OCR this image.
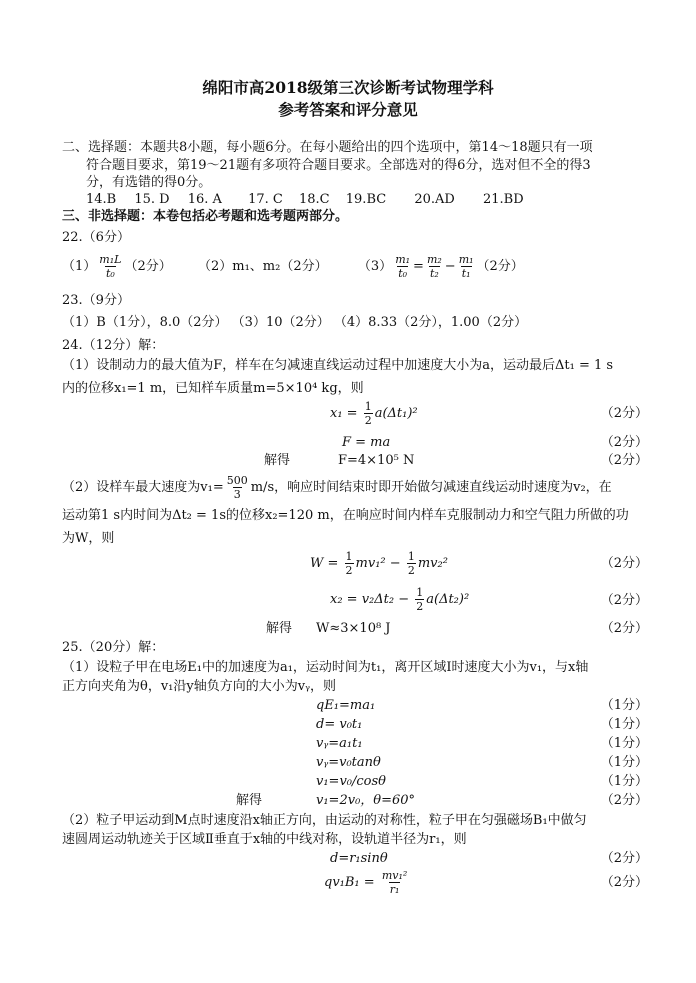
绵阳市高2018级第三次诊断考试物理学科
参考答案和评分意见
二、选择题：本题共8小题，每小题6分。在每小题给出的四个选项中，第14～18题只有一项
符合题目要求，第19～21题有多项符合题目要求。全部选对的得6分，选对但不全的得3
分，有选错的得0分。
14.B 15. D 16. A 17. C 18.C 19.BC 20.AD 21.BD
三、非选择题：本卷包括必考题和选考题两部分。
22.（6分）
$(1) \frac{\text{m₁L}}{\text{t₀}} (2$分） （2）m₁、m₂（2分） $(3) \frac{\text{m₁}}{\text{t₀}} = \frac{\text{m₂}}{\text{t₂}} - \frac{\text{m₁}}{\text{t₁}} (2$分）
23.（9分）
（1）B（1分），8.0（2分） （3）10（2分） （4）8.33（2分），1.00（2分）
24.（12分）解：
（1）设制动力的最大值为F，样车在匀减速直线运动过程中加速度大小为a，运动最后Δt₁ = 1 s
内的位移x₁=1 m，已知样车质量m=5×10⁴ kg，则
$x_1 = \frac{1}{2} a(\Delta t_1)^2$	（2分）
F = ma	（2分）
解得	F=4×10⁵ N	（2分）
（2）设样车最大速度为$v_1= \frac{500}{3} m/s$，响应时间结束时即开始做匀减速直线运动时速度为v₂，在
运动第1 s内时间为Δt₂ = 1s的位移x₂=120 m，在响应时间内样车克服制动力和空气阻力所做的功
为W，则
$W = \frac{1}{2} mv_1^2 - \frac{1}{2} mv_2^2$	（2分）
$x_2 = v_2\Delta t_2 - \frac{1}{2} a(\Delta t_2)^2$	（2分）
解得 W≈3×10⁸ J	（2分）
25.（20分）解：
（1）设粒子甲在电场E₁中的加速度为a₁，运动时间为t₁，离开区域Ⅰ时速度大小为v₁，与x轴
正方向夹角为θ，v₁沿y轴负方向的大小为vᵧ，则
qE₁=ma₁	（1分）
d= v₀t₁	（1分）
vᵧ=a₁t₁	（1分）
vᵧ=v₀tanθ	（1分）
v₁=v₀/cosθ	（1分）
解得	v₁=2v₀，θ=60°	（2分）
（2）粒子甲运动到M点时速度沿x轴正方向，由运动的对称性，粒子甲在匀强磁场B₁中做匀
速圆周运动轨迹关于区域Ⅱ垂直于x轴的中线对称，设轨道半径为r₁，则
d=r₁sinθ	（2分）
$qv_1B_1 = \frac{\text{mv₁²}}{\text{r₁}}$	（2分）
